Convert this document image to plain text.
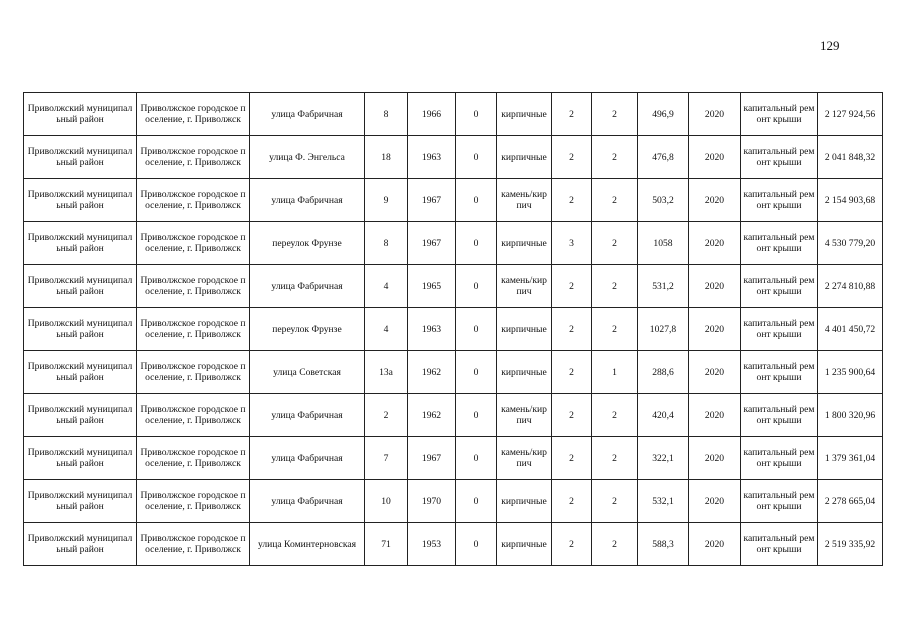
129
Приволжский муниципальный район	Приволжское городское поселение, г. Приволжск	улица Фабричная	8	1966	0	кирпичные	2	2	496,9	2020	капитальный ремонт крыши	2 127 924,56
Приволжский муниципальный район	Приволжское городское поселение, г. Приволжск	улица Ф. Энгельса	18	1963	0	кирпичные	2	2	476,8	2020	капитальный ремонт крыши	2 041 848,32
Приволжский муниципальный район	Приволжское городское поселение, г. Приволжск	улица Фабричная	9	1967	0	камень/кирпич	2	2	503,2	2020	капитальный ремонт крыши	2 154 903,68
Приволжский муниципальный район	Приволжское городское поселение, г. Приволжск	переулок Фрунзе	8	1967	0	кирпичные	3	2	1058	2020	капитальный ремонт крыши	4 530 779,20
Приволжский муниципальный район	Приволжское городское поселение, г. Приволжск	улица Фабричная	4	1965	0	камень/кирпич	2	2	531,2	2020	капитальный ремонт крыши	2 274 810,88
Приволжский муниципальный район	Приволжское городское поселение, г. Приволжск	переулок Фрунзе	4	1963	0	кирпичные	2	2	1027,8	2020	капитальный ремонт крыши	4 401 450,72
Приволжский муниципальный район	Приволжское городское поселение, г. Приволжск	улица Советская	13а	1962	0	кирпичные	2	1	288,6	2020	капитальный ремонт крыши	1 235 900,64
Приволжский муниципальный район	Приволжское городское поселение, г. Приволжск	улица Фабричная	2	1962	0	камень/кирпич	2	2	420,4	2020	капитальный ремонт крыши	1 800 320,96
Приволжский муниципальный район	Приволжское городское поселение, г. Приволжск	улица Фабричная	7	1967	0	камень/кирпич	2	2	322,1	2020	капитальный ремонт крыши	1 379 361,04
Приволжский муниципальный район	Приволжское городское поселение, г. Приволжск	улица Фабричная	10	1970	0	кирпичные	2	2	532,1	2020	капитальный ремонт крыши	2 278 665,04
Приволжский муниципальный район	Приволжское городское поселение, г. Приволжск	улица Коминтерновская	71	1953	0	кирпичные	2	2	588,3	2020	капитальный ремонт крыши	2 519 335,92
